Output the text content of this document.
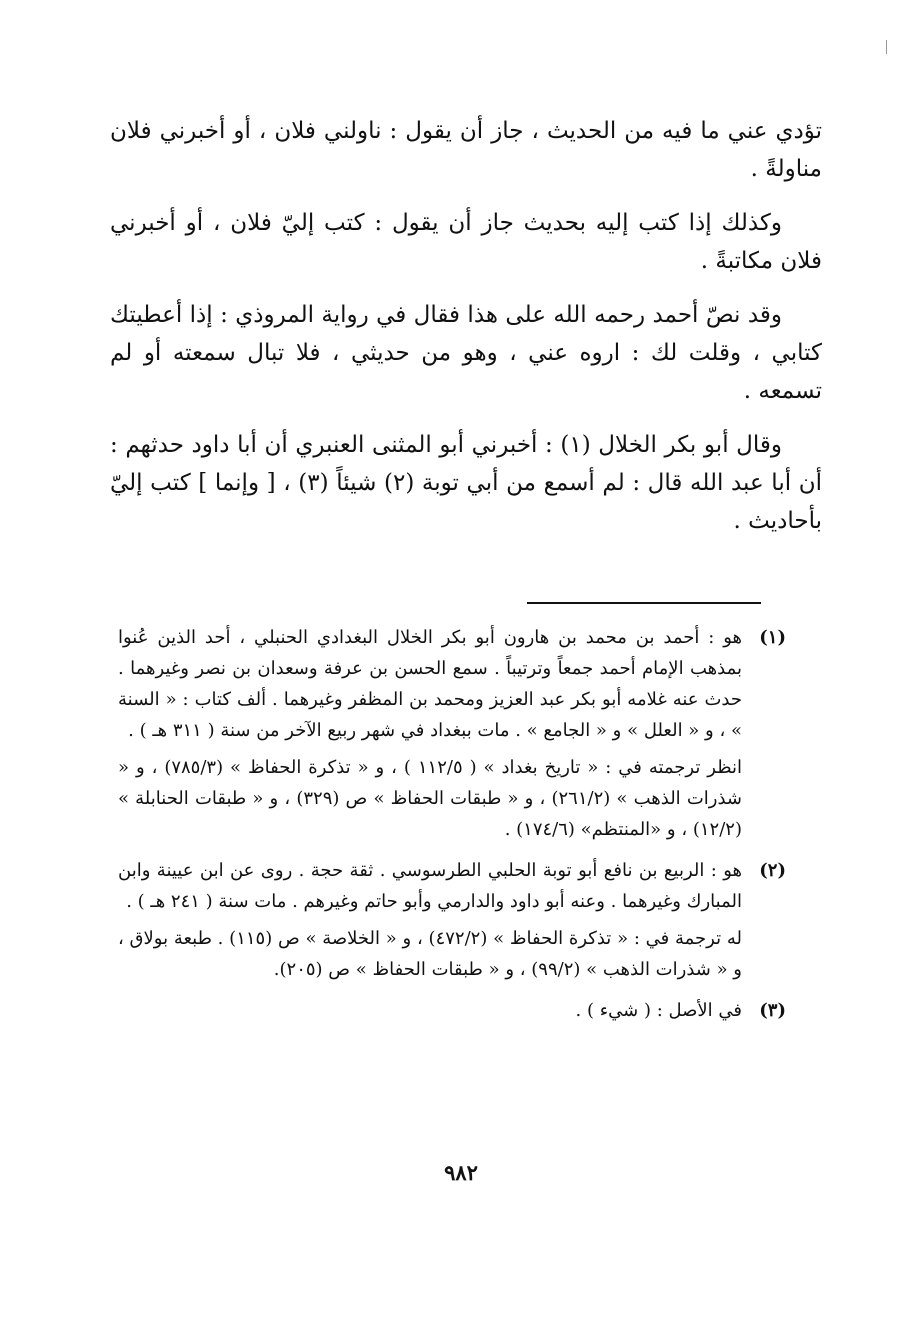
تؤدي عني ما فيه من الحديث ، جاز أن يقول : ناولني فلان ، أو أخبرني فلان مناولةً .

وكذلك إذا كتب إليه بحديث جاز أن يقول : كتب إليّ فلان ، أو أخبرني فلان مكاتبةً .

وقد نصّ أحمد رحمه الله على هذا فقال في رواية المروذي : إذا أعطيتك كتابي ، وقلت لك : اروه عني ، وهو من حديثي ، فلا تبال سمعته أو لم تسمعه .

وقال أبو بكر الخلال (١) : أخبرني أبو المثنى العنبري أن أبا داود حدثهم : أن أبا عبد الله قال : لم أسمع من أبي توبة (٢) شيئاً (٣) ، [ وإنما ] كتب إليّ بأحاديث .

(١)

هو : أحمد بن محمد بن هارون أبو بكر الخلال البغدادي الحنبلي ، أحد الذين عُنوا بمذهب الإمام أحمد جمعاً وترتيباً . سمع الحسن بن عرفة وسعدان بن نصر وغيرهما . حدث عنه غلامه أبو بكر عبد العزيز ومحمد بن المظفر وغيرهما . ألف كتاب : « السنة » ، و « العلل » و « الجامع » . مات ببغداد في شهر ربيع الآخر من سنة ( ٣١١ هـ ) .

انظر ترجمته في : « تاريخ بغداد » ( ١١٢/٥ ) ، و « تذكرة الحفاظ » (٧٨٥/٣) ، و « شذرات الذهب » (٢٦١/٢) ، و « طبقات الحفاظ » ص (٣٢٩) ، و « طبقات الحنابلة » (١٢/٢) ، و «المنتظم» (١٧٤/٦) .

(٢)

هو : الربيع بن نافع أبو توبة الحلبي الطرسوسي . ثقة حجة . روى عن ابن عيينة وابن المبارك وغيرهما . وعنه أبو داود والدارمي وأبو حاتم وغيرهم . مات سنة ( ٢٤١ هـ ) .

له ترجمة في : « تذكرة الحفاظ » (٤٧٢/٢) ، و « الخلاصة » ص (١١٥) . طبعة بولاق ، و « شذرات الذهب » (٩٩/٢) ، و « طبقات الحفاظ » ص (٢٠٥).

(٣)

في الأصل : ( شيء ) .

٩٨٢
